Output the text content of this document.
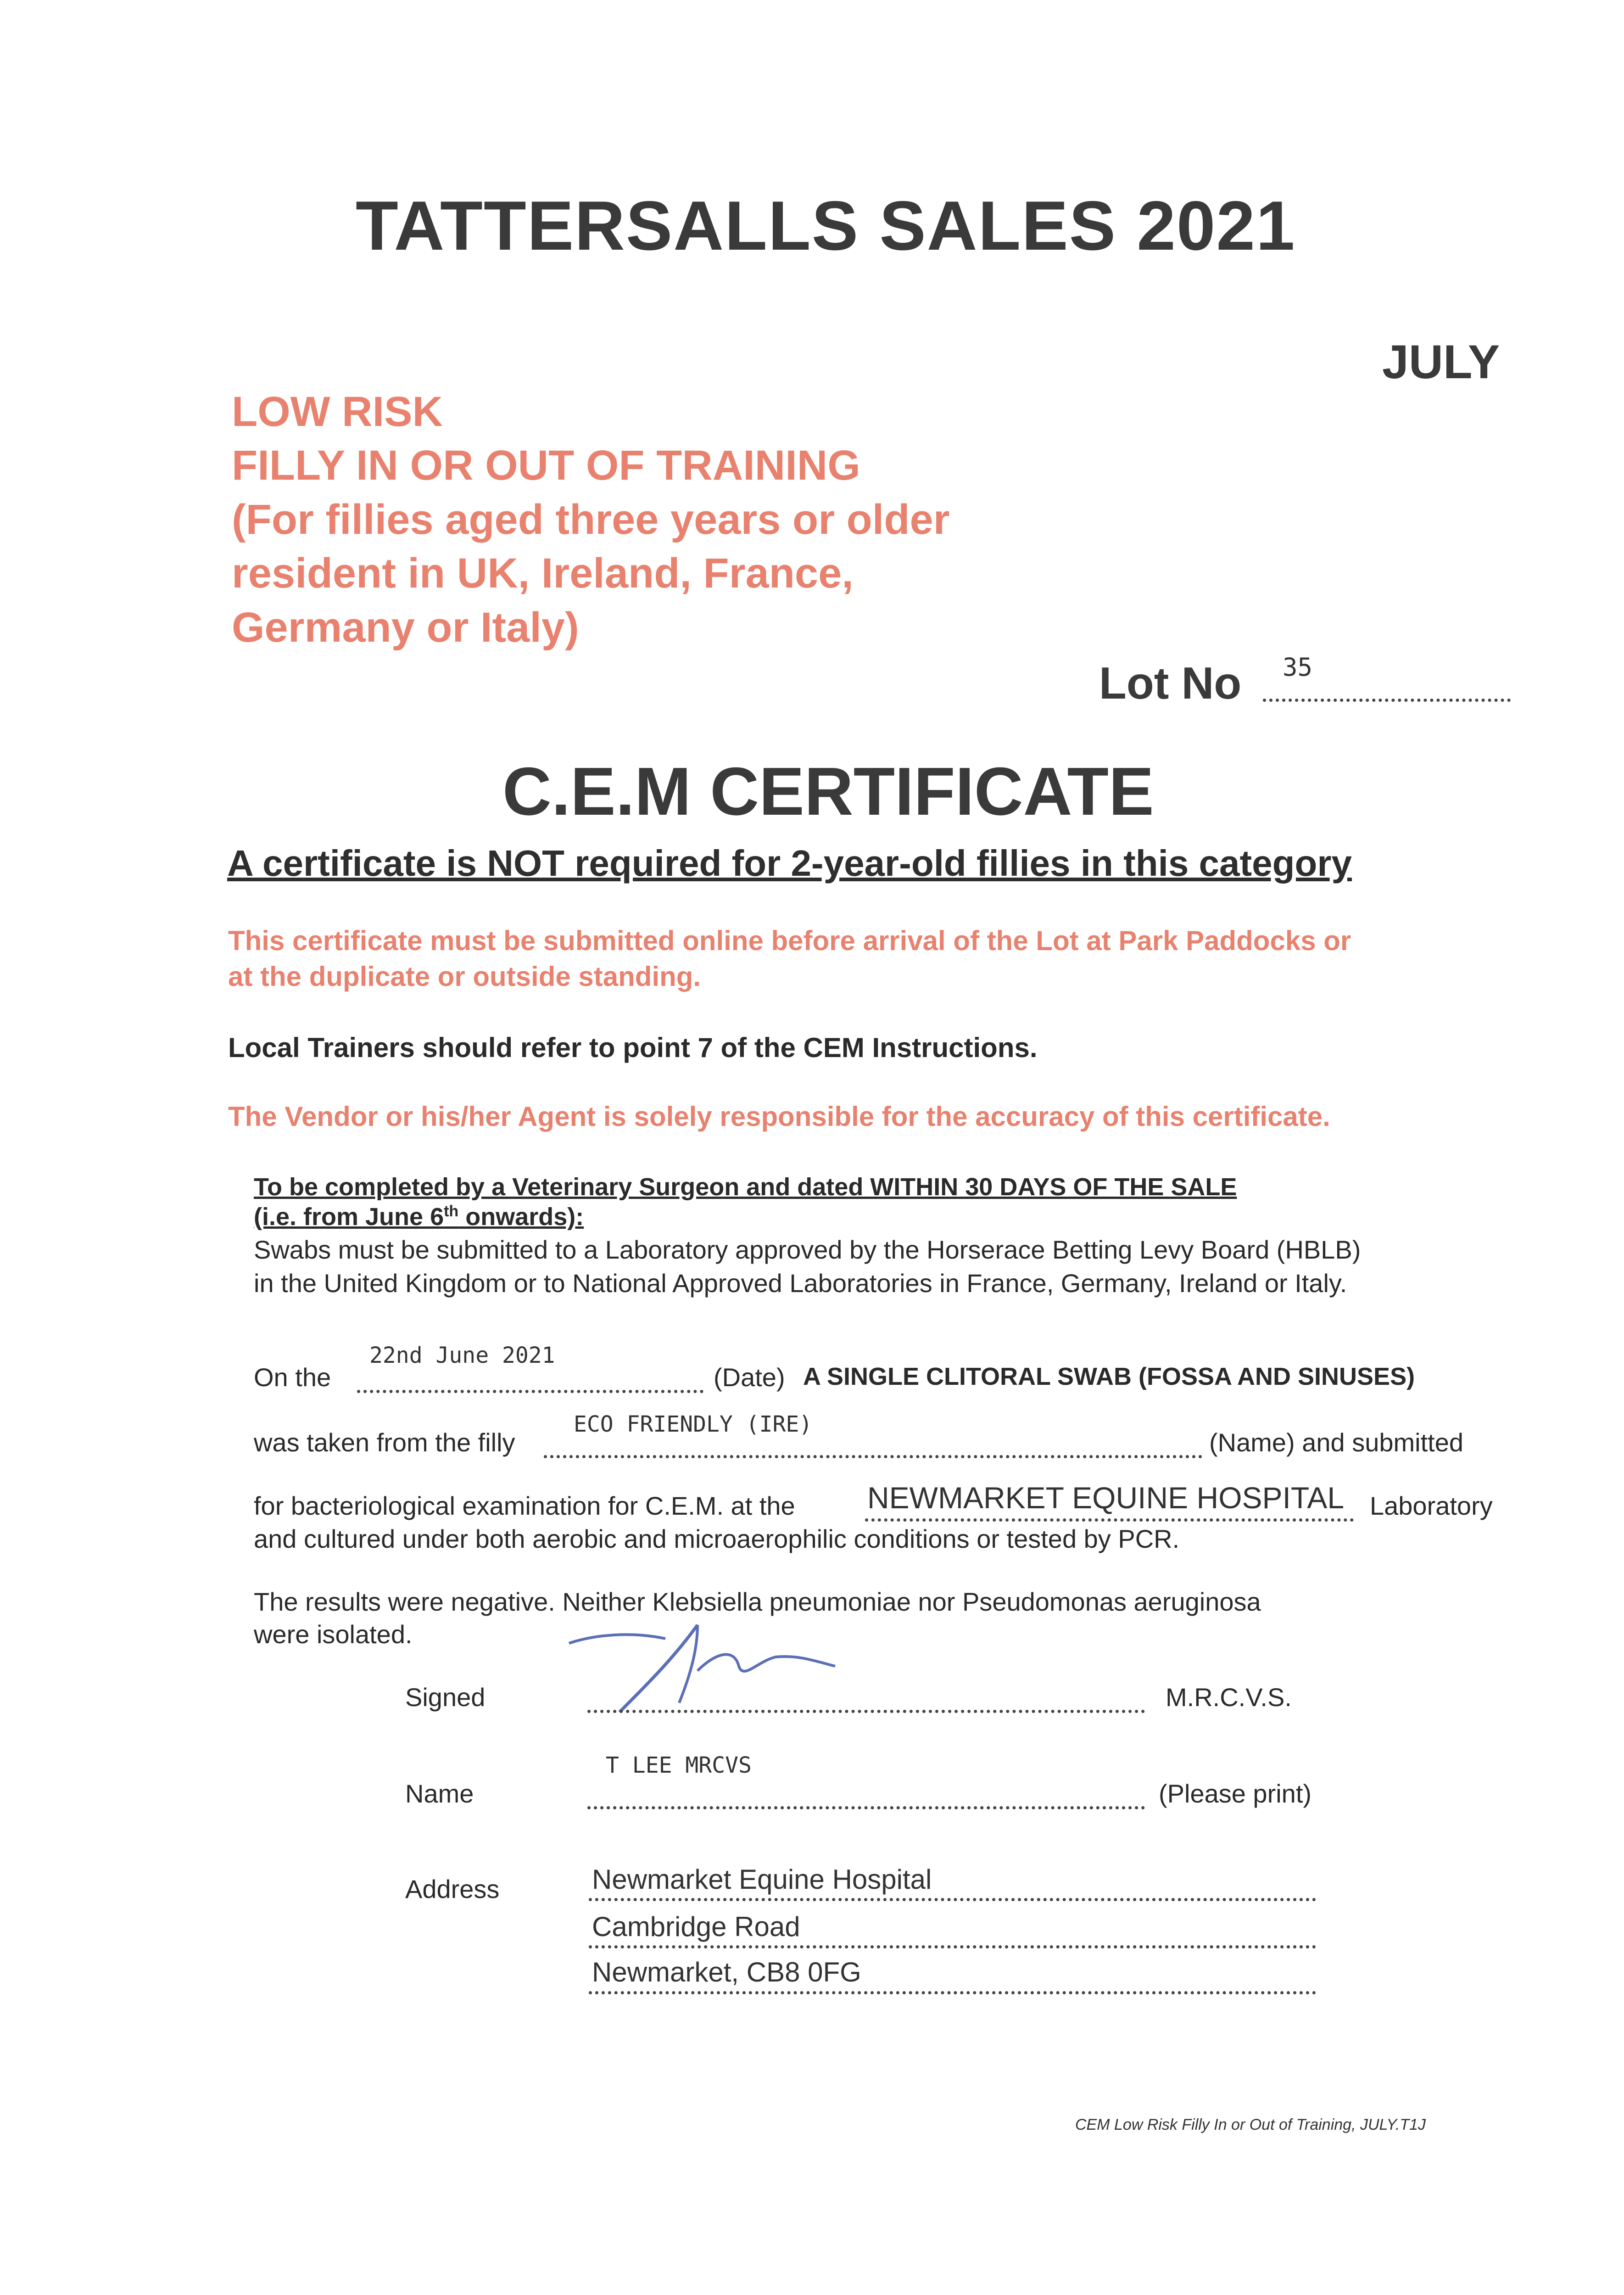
TATTERSALLS SALES 2021
JULY
LOW RISK
FILLY IN OR OUT OF TRAINING
(For fillies aged three years or older
resident in UK, Ireland, France,
Germany or Italy)
Lot No 35
C.E.M CERTIFICATE
A certificate is NOT required for 2-year-old fillies in this category
This certificate must be submitted online before arrival of the Lot at Park Paddocks or
at the duplicate or outside standing.
Local Trainers should refer to point 7 of the CEM Instructions.
The Vendor or his/her Agent is solely responsible for the accuracy of this certificate.
To be completed by a Veterinary Surgeon and dated WITHIN 30 DAYS OF THE SALE
(i.e. from June 6th onwards):
Swabs must be submitted to a Laboratory approved by the Horserace Betting Levy Board (HBLB)
in the United Kingdom or to National Approved Laboratories in France, Germany, Ireland or Italy.
On the
22nd June 2021
(Date) A SINGLE CLITORAL SWAB (FOSSA AND SINUSES)
was taken from the filly
ECO FRIENDLY (IRE)
(Name) and submitted
for bacteriological examination for C.E.M. at the NEWMARKET EQUINE HOSPITAL Laboratory
and cultured under both aerobic and microaerophilic conditions or tested by PCR.
The results were negative. Neither Klebsiella pneumoniae nor Pseudomonas aeruginosa
were isolated.
Signed	M.R.C.V.S.
Name
T LEE MRCVS
(Please print)
Address	Newmarket Equine Hospital
Cambridge Road
Newmarket, CB8 0FG
CEM Low Risk Filly In or Out of Training, JULY.T1J
